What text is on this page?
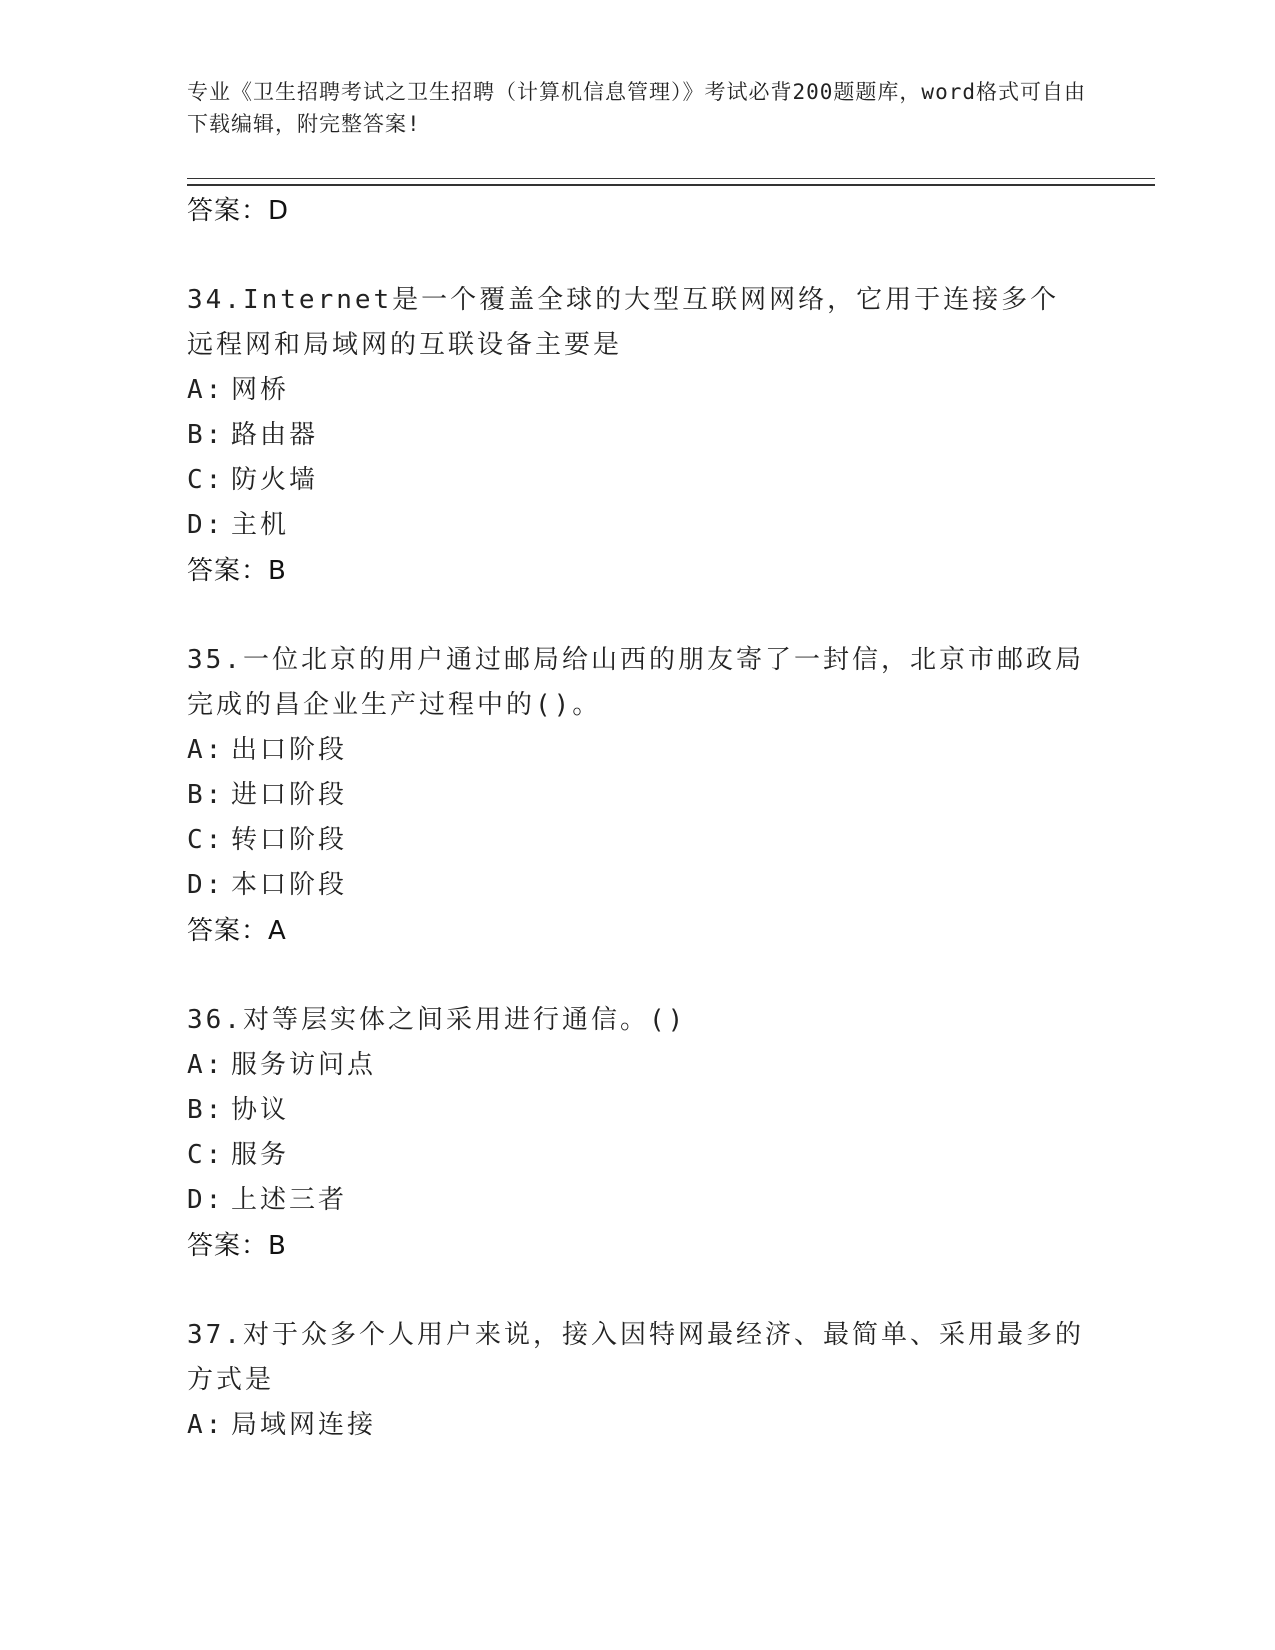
专业《卫生招聘考试之卫生招聘（计算机信息管理）》考试必背200题题库，word格式可自由下载编辑，附完整答案!
答案：D
34.Internet是一个覆盖全球的大型互联网网络，它用于连接多个远程网和局域网的互联设备主要是
A: 网桥
B: 路由器
C: 防火墙
D: 主机
答案：B
35.一位北京的用户通过邮局给山西的朋友寄了一封信，北京市邮政局完成的昌企业生产过程中的()。
A: 出口阶段
B: 进口阶段
C: 转口阶段
D: 本口阶段
答案：A
36.对等层实体之间采用进行通信。()
A: 服务访问点
B: 协议
C: 服务
D: 上述三者
答案：B
37.对于众多个人用户来说，接入因特网最经济、最简单、采用最多的方式是
A: 局域网连接
